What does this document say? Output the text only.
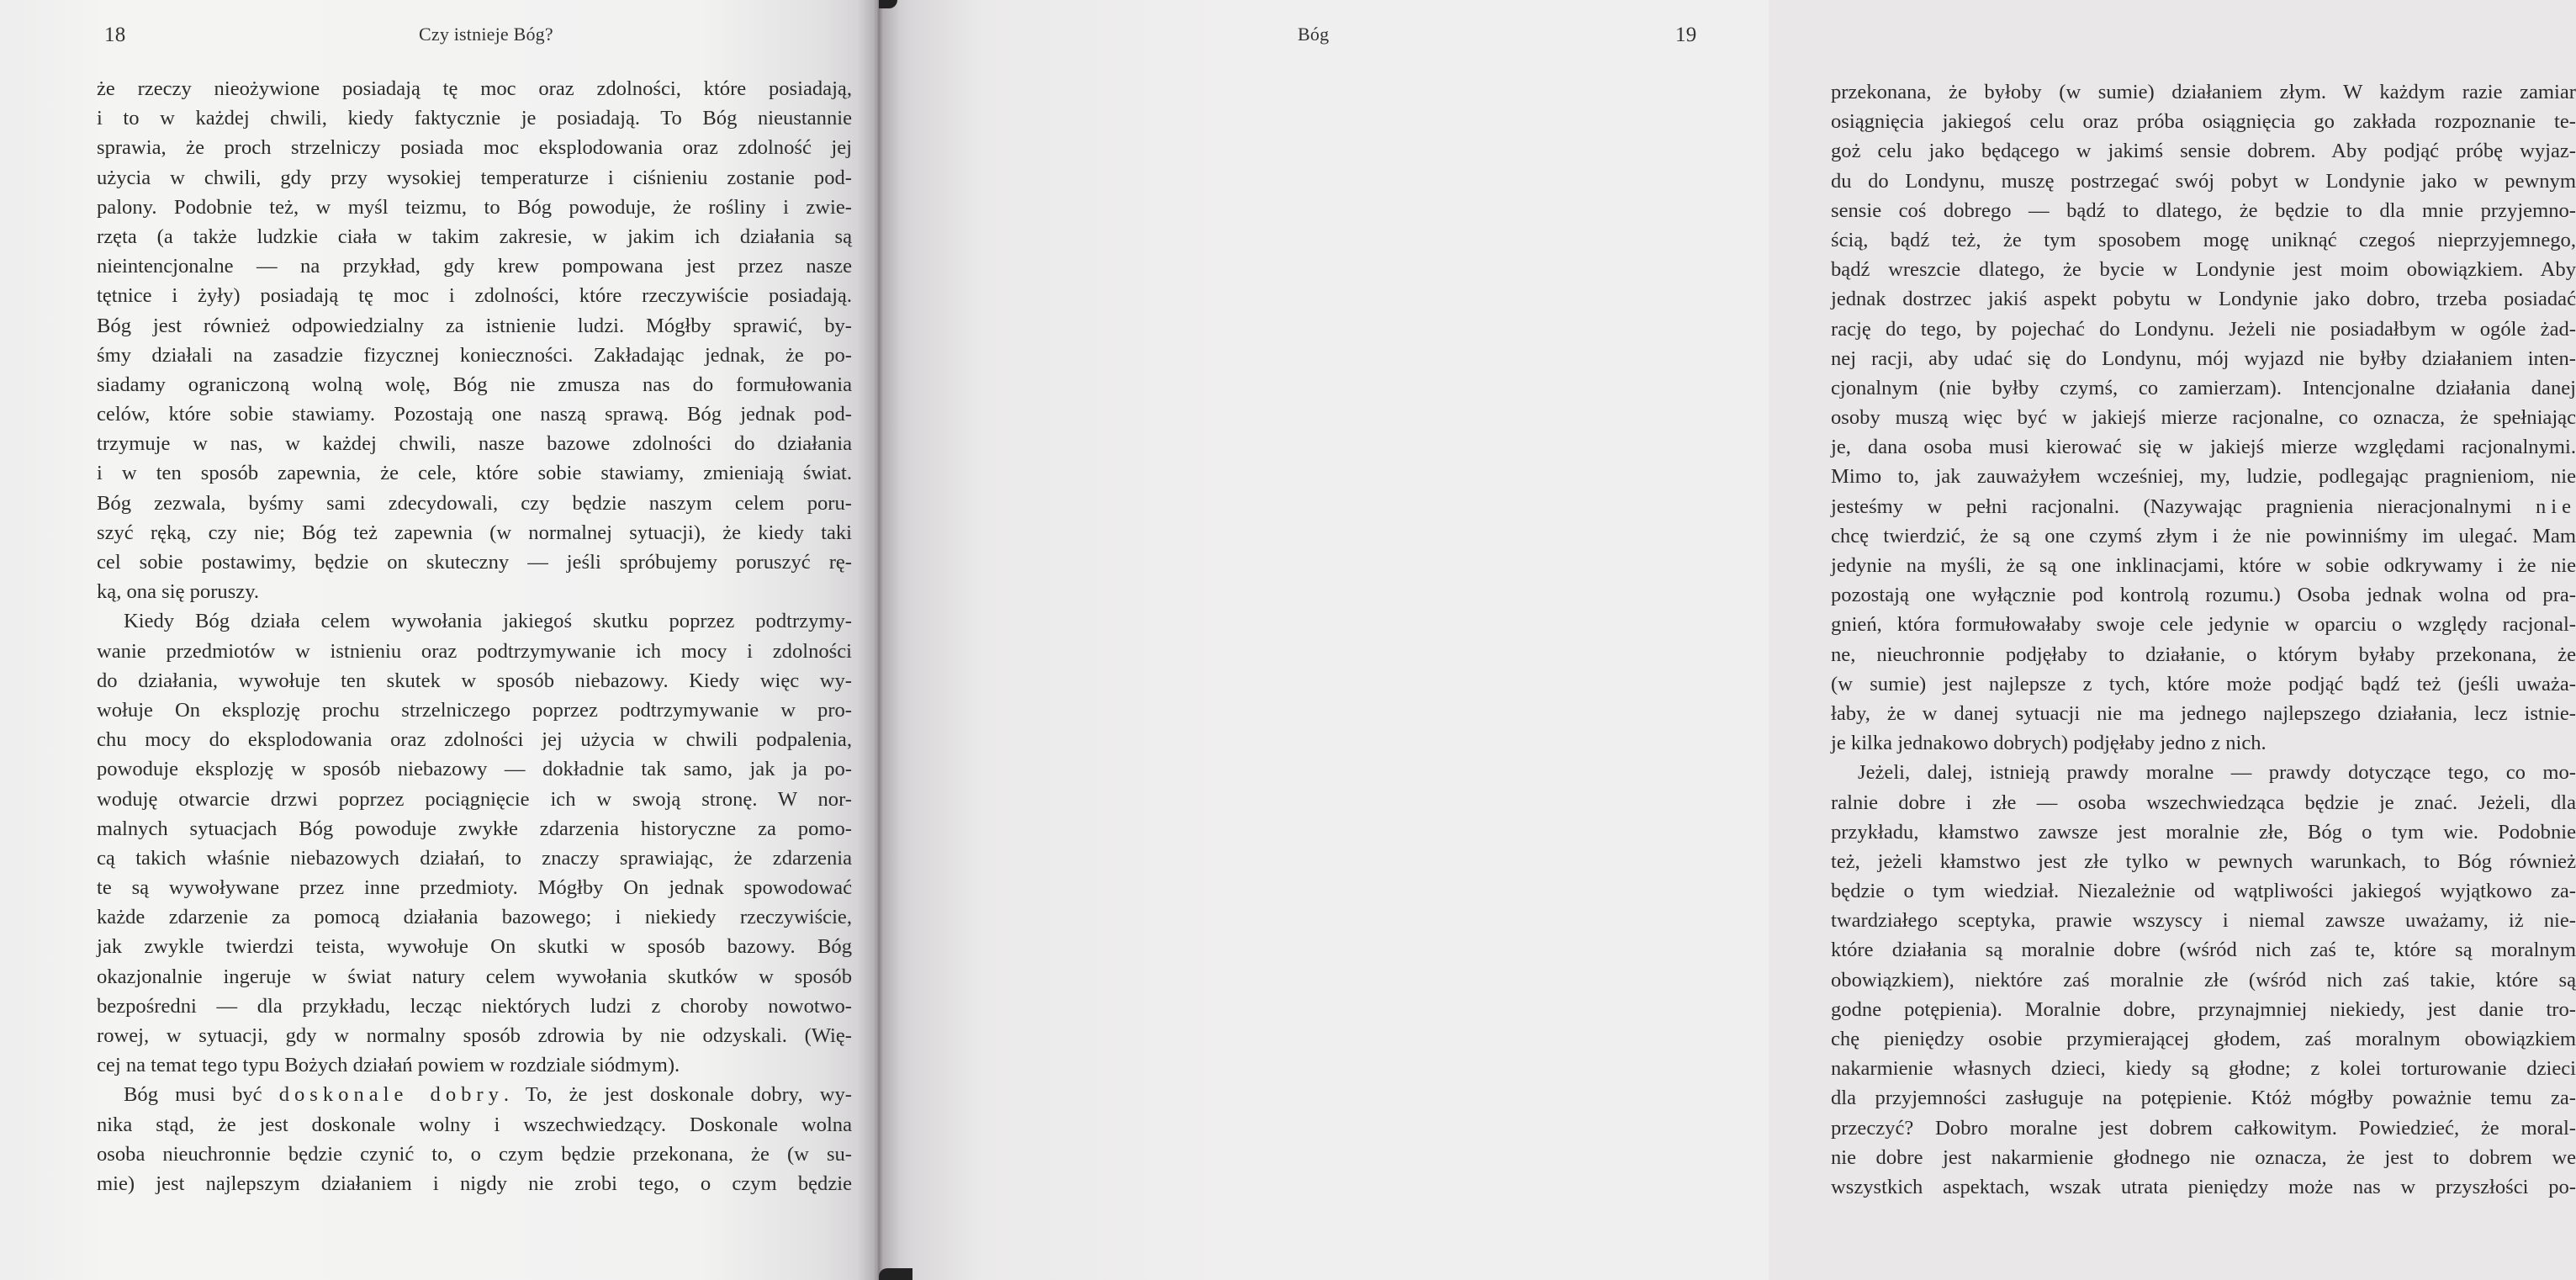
18	Czy istnieje Bóg?
że rzeczy nieożywione posiadają tę moc oraz zdolności, które posiadają,
i to w każdej chwili, kiedy faktycznie je posiadają. To Bóg nieustannie
sprawia, że proch strzelniczy posiada moc eksplodowania oraz zdolność jej
użycia w chwili, gdy przy wysokiej temperaturze i ciśnieniu zostanie pod-
palony. Podobnie też, w myśl teizmu, to Bóg powoduje, że rośliny i zwie-
rzęta (a także ludzkie ciała w takim zakresie, w jakim ich działania są
nieintencjonalne — na przykład, gdy krew pompowana jest przez nasze
tętnice i żyły) posiadają tę moc i zdolności, które rzeczywiście posiadają.
Bóg jest również odpowiedzialny za istnienie ludzi. Mógłby sprawić, by-
śmy działali na zasadzie fizycznej konieczności. Zakładając jednak, że po-
siadamy ograniczoną wolną wolę, Bóg nie zmusza nas do formułowania
celów, które sobie stawiamy. Pozostają one naszą sprawą. Bóg jednak pod-
trzymuje w nas, w każdej chwili, nasze bazowe zdolności do działania
i w ten sposób zapewnia, że cele, które sobie stawiamy, zmieniają świat.
Bóg zezwala, byśmy sami zdecydowali, czy będzie naszym celem poru-
szyć ręką, czy nie; Bóg też zapewnia (w normalnej sytuacji), że kiedy taki
cel sobie postawimy, będzie on skuteczny — jeśli spróbujemy poruszyć rę-
ką, ona się poruszy.
Kiedy Bóg działa celem wywołania jakiegoś skutku poprzez podtrzymy-
wanie przedmiotów w istnieniu oraz podtrzymywanie ich mocy i zdolności
do działania, wywołuje ten skutek w sposób niebazowy. Kiedy więc wy-
wołuje On eksplozję prochu strzelniczego poprzez podtrzymywanie w pro-
chu mocy do eksplodowania oraz zdolności jej użycia w chwili podpalenia,
powoduje eksplozję w sposób niebazowy — dokładnie tak samo, jak ja po-
woduję otwarcie drzwi poprzez pociągnięcie ich w swoją stronę. W nor-
malnych sytuacjach Bóg powoduje zwykłe zdarzenia historyczne za pomo-
cą takich właśnie niebazowych działań, to znaczy sprawiając, że zdarzenia
te są wywoływane przez inne przedmioty. Mógłby On jednak spowodować
każde zdarzenie za pomocą działania bazowego; i niekiedy rzeczywiście,
jak zwykle twierdzi teista, wywołuje On skutki w sposób bazowy. Bóg
okazjonalnie ingeruje w świat natury celem wywołania skutków w sposób
bezpośredni — dla przykładu, lecząc niektórych ludzi z choroby nowotwo-
rowej, w sytuacji, gdy w normalny sposób zdrowia by nie odzyskali. (Wię-
cej na temat tego typu Bożych działań powiem w rozdziale siódmym).
Bóg musi być doskonale dobry. To, że jest doskonale dobry, wy-
nika stąd, że jest doskonale wolny i wszechwiedzący. Doskonale wolna
osoba nieuchronnie będzie czynić to, o czym będzie przekonana, że (w su-
mie) jest najlepszym działaniem i nigdy nie zrobi tego, o czym będzie
Bóg	19
przekonana, że byłoby (w sumie) działaniem złym. W każdym razie zamiar
osiągnięcia jakiegoś celu oraz próba osiągnięcia go zakłada rozpoznanie te-
goż celu jako będącego w jakimś sensie dobrem. Aby podjąć próbę wyjaz-
du do Londynu, muszę postrzegać swój pobyt w Londynie jako w pewnym
sensie coś dobrego — bądź to dlatego, że będzie to dla mnie przyjemno-
ścią, bądź też, że tym sposobem mogę uniknąć czegoś nieprzyjemnego,
bądź wreszcie dlatego, że bycie w Londynie jest moim obowiązkiem. Aby
jednak dostrzec jakiś aspekt pobytu w Londynie jako dobro, trzeba posiadać
rację do tego, by pojechać do Londynu. Jeżeli nie posiadałbym w ogóle żad-
nej racji, aby udać się do Londynu, mój wyjazd nie byłby działaniem inten-
cjonalnym (nie byłby czymś, co zamierzam). Intencjonalne działania danej
osoby muszą więc być w jakiejś mierze racjonalne, co oznacza, że spełniając
je, dana osoba musi kierować się w jakiejś mierze względami racjonalnymi.
Mimo to, jak zauważyłem wcześniej, my, ludzie, podlegając pragnieniom, nie
jesteśmy w pełni racjonalni. (Nazywając pragnienia nieracjonalnymi nie
chcę twierdzić, że są one czymś złym i że nie powinniśmy im ulegać. Mam
jedynie na myśli, że są one inklinacjami, które w sobie odkrywamy i że nie
pozostają one wyłącznie pod kontrolą rozumu.) Osoba jednak wolna od pra-
gnień, która formułowałaby swoje cele jedynie w oparciu o względy racjonal-
ne, nieuchronnie podjęłaby to działanie, o którym byłaby przekonana, że
(w sumie) jest najlepsze z tych, które może podjąć bądź też (jeśli uważa-
łaby, że w danej sytuacji nie ma jednego najlepszego działania, lecz istnie-
je kilka jednakowo dobrych) podjęłaby jedno z nich.
Jeżeli, dalej, istnieją prawdy moralne — prawdy dotyczące tego, co mo-
ralnie dobre i złe — osoba wszechwiedząca będzie je znać. Jeżeli, dla
przykładu, kłamstwo zawsze jest moralnie złe, Bóg o tym wie. Podobnie
też, jeżeli kłamstwo jest złe tylko w pewnych warunkach, to Bóg również
będzie o tym wiedział. Niezależnie od wątpliwości jakiegoś wyjątkowo za-
twardziałego sceptyka, prawie wszyscy i niemal zawsze uważamy, iż nie-
które działania są moralnie dobre (wśród nich zaś te, które są moralnym
obowiązkiem), niektóre zaś moralnie złe (wśród nich zaś takie, które są
godne potępienia). Moralnie dobre, przynajmniej niekiedy, jest danie tro-
chę pieniędzy osobie przymierającej głodem, zaś moralnym obowiązkiem
nakarmienie własnych dzieci, kiedy są głodne; z kolei torturowanie dzieci
dla przyjemności zasługuje na potępienie. Któż mógłby poważnie temu za-
przeczyć? Dobro moralne jest dobrem całkowitym. Powiedzieć, że moral-
nie dobre jest nakarmienie głodnego nie oznacza, że jest to dobrem we
wszystkich aspektach, wszak utrata pieniędzy może nas w przyszłości po-
